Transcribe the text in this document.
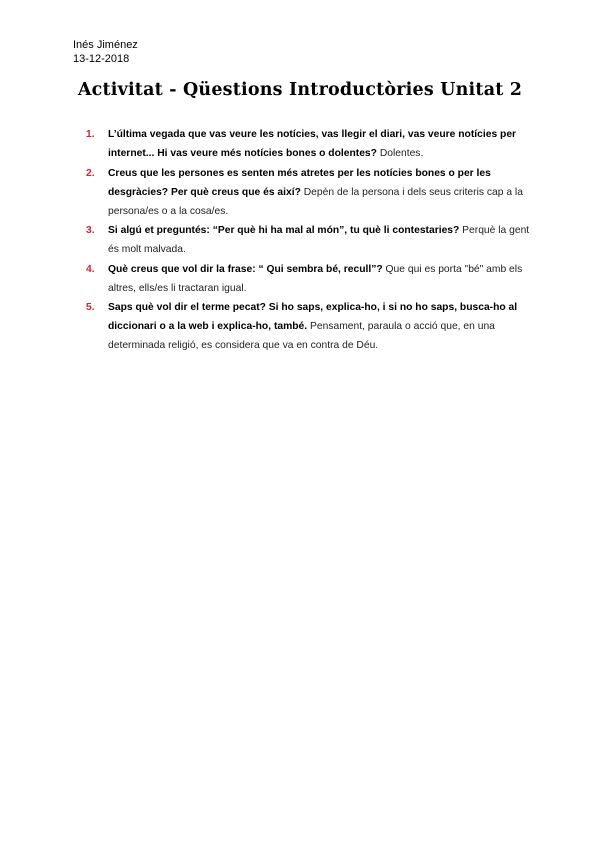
Inés Jiménez
13-12-2018
Activitat - Qüestions Introductòries Unitat 2
1. L’última vegada que vas veure les notícies, vas llegir el diari, vas veure notícies per internet... Hi vas veure més notícies bones o dolentes? Dolentes.
2. Creus que les persones es senten més atretes per les notícies bones o per les desgràcies? Per què creus que és així? Depèn de la persona i dels seus criteris cap a la persona/es o a la cosa/es.
3. Si algú et preguntés: “Per què hi ha mal al món”, tu què li contestaries? Perquè la gent és molt malvada.
4. Què creus que vol dir la frase: “ Qui sembra bé, recull”? Que qui es porta "bé" amb els altres, ells/es li tractaran igual.
5. Saps què vol dir el terme pecat? Si ho saps, explica-ho, i si no ho saps, busca-ho al diccionari o a la web i explica-ho, també. Pensament, paraula o acció que, en una determinada religió, es considera que va en contra de Déu.
